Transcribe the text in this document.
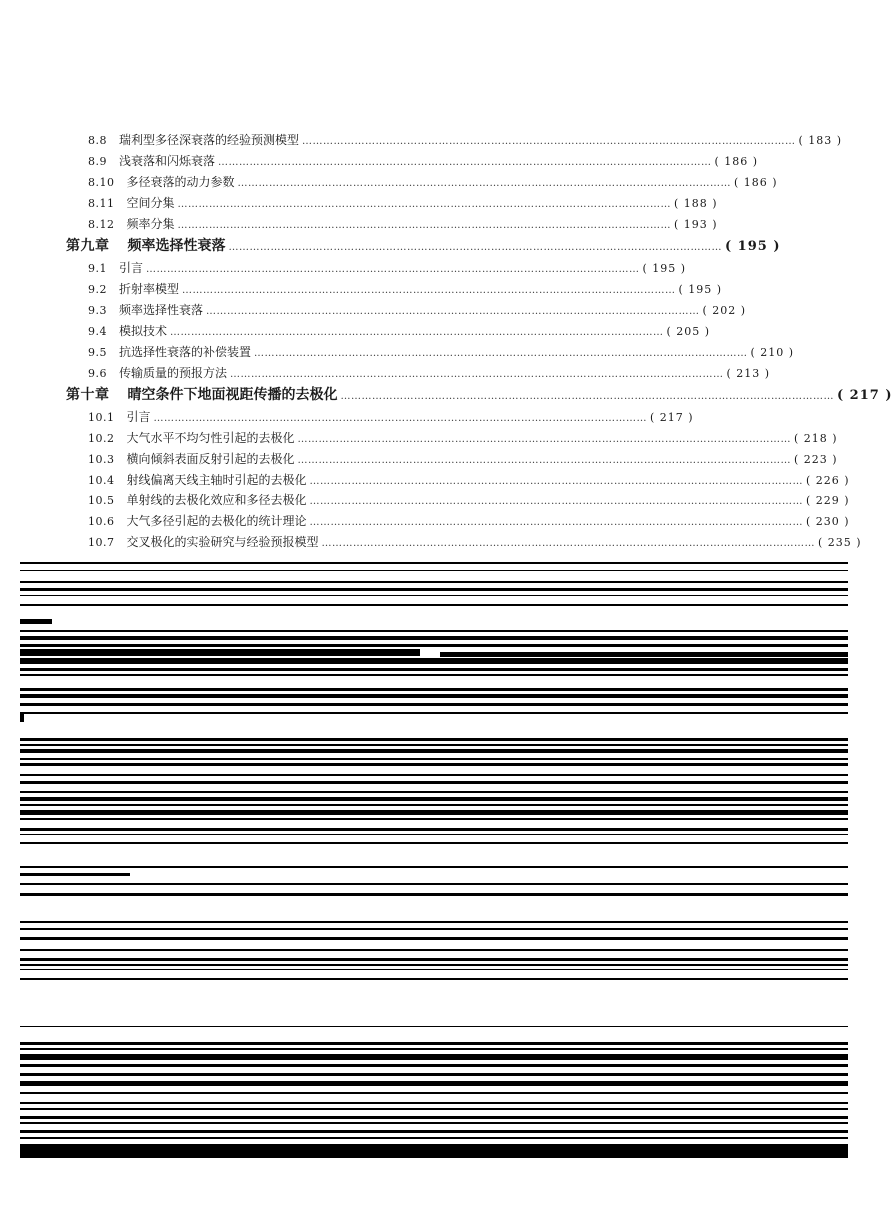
8.8	瑞利型多径深衰落的经验预测模型 …………………………………………………………………………………………………………………………… ( 183 )
8.9	浅衰落和闪烁衰落 …………………………………………………………………………………………………………………………… ( 186 )
8.10	多径衰落的动力参数 …………………………………………………………………………………………………………………………… ( 186 )
8.11	空间分集 …………………………………………………………………………………………………………………………… ( 188 )
8.12	频率分集 …………………………………………………………………………………………………………………………… ( 193 )
第九章	频率选择性衰落 …………………………………………………………………………………………………………………………… ( 195 )
9.1	引言 …………………………………………………………………………………………………………………………… ( 195 )
9.2	折射率模型 …………………………………………………………………………………………………………………………… ( 195 )
9.3	频率选择性衰落 …………………………………………………………………………………………………………………………… ( 202 )
9.4	模拟技术 …………………………………………………………………………………………………………………………… ( 205 )
9.5	抗选择性衰落的补偿装置 …………………………………………………………………………………………………………………………… ( 210 )
9.6	传输质量的预报方法 …………………………………………………………………………………………………………………………… ( 213 )
第十章	晴空条件下地面视距传播的去极化 …………………………………………………………………………………………………………………………… ( 217 )
10.1	引言 …………………………………………………………………………………………………………………………… ( 217 )
10.2	大气水平不均匀性引起的去极化 …………………………………………………………………………………………………………………………… ( 218 )
10.3	横向倾斜表面反射引起的去极化 …………………………………………………………………………………………………………………………… ( 223 )
10.4	射线偏离天线主轴时引起的去极化 …………………………………………………………………………………………………………………………… ( 226 )
10.5	单射线的去极化效应和多径去极化 …………………………………………………………………………………………………………………………… ( 229 )
10.6	大气多径引起的去极化的统计理论 …………………………………………………………………………………………………………………………… ( 230 )
10.7	交叉极化的实验研究与经验预报模型 …………………………………………………………………………………………………………………………… ( 235 )
